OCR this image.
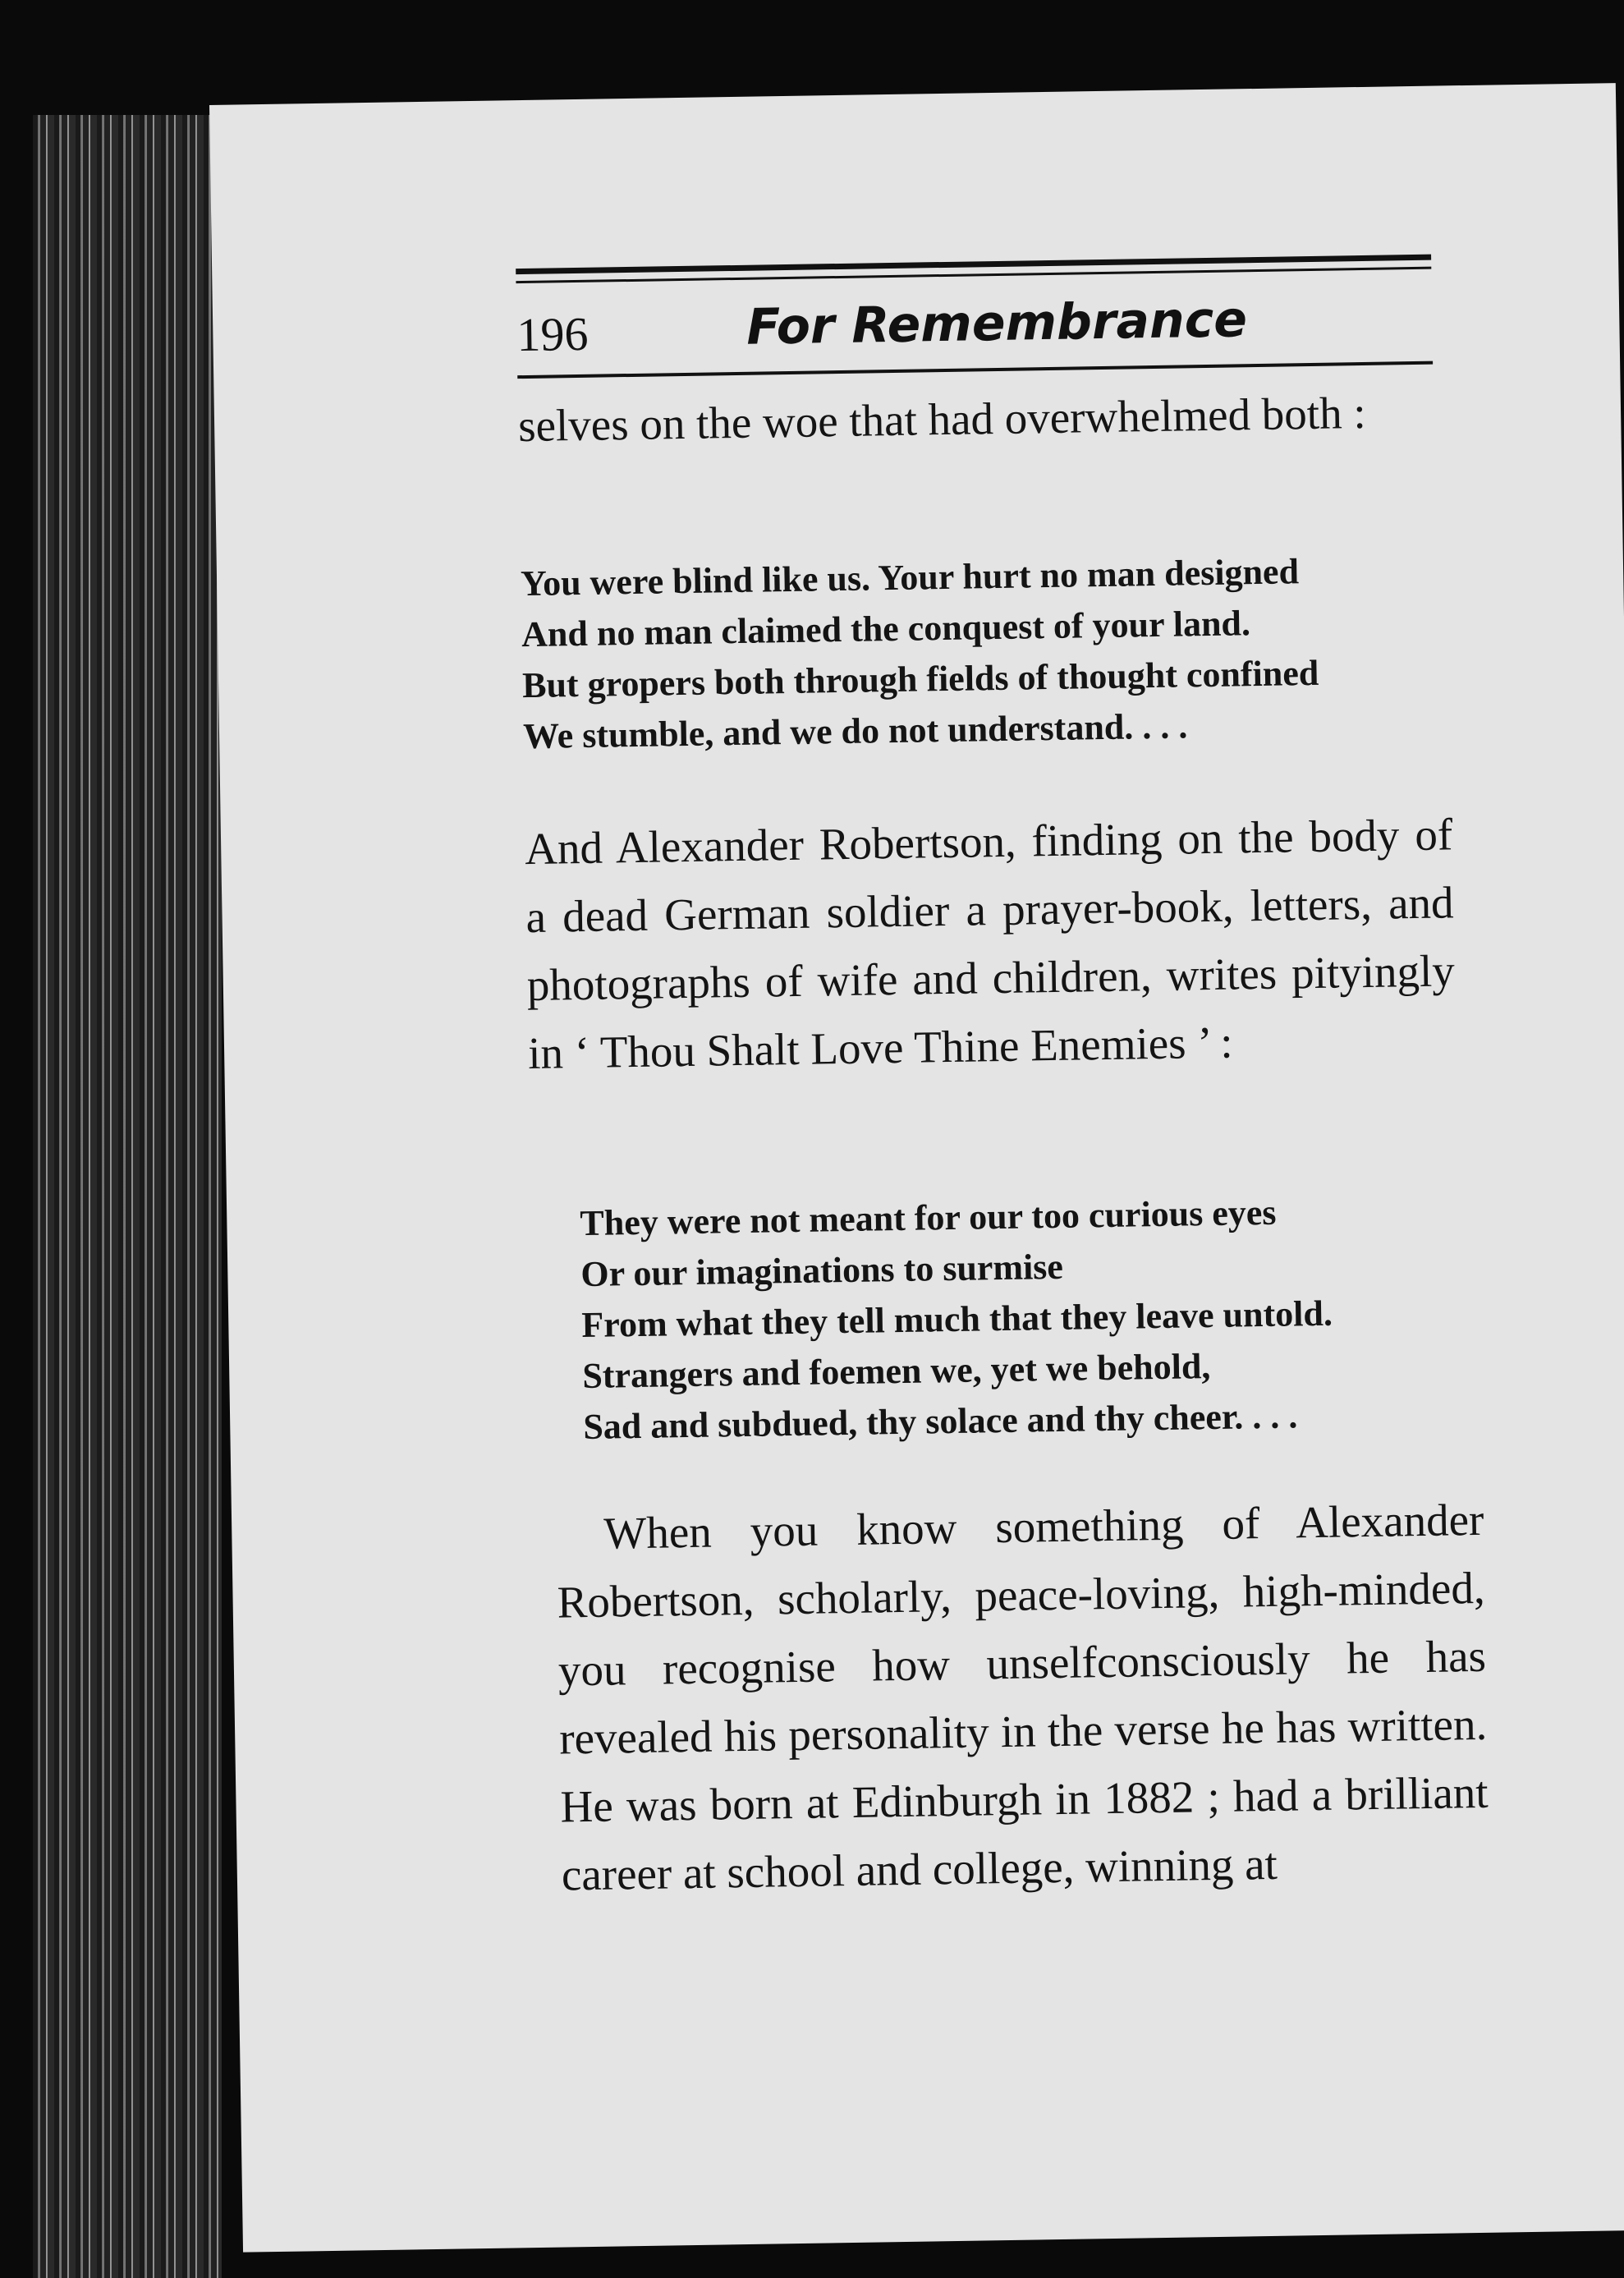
196	For Remembrance

selves on the woe that had overwhelmed both :

You were blind like us. Your hurt no man designed
And no man claimed the conquest of your land.
But gropers both through fields of thought confined
We stumble, and we do not understand. . . .

And Alexander Robertson, finding on the body of a dead German soldier a prayer-book, letters, and photographs of wife and children, writes pityingly in ‘ Thou Shalt Love Thine Enemies ’ :

They were not meant for our too curious eyes
Or our imaginations to surmise
From what they tell much that they leave untold.
Strangers and foemen we, yet we behold,
Sad and subdued, thy solace and thy cheer. . . .

When you know something of Alexander Robertson, scholarly, peace-loving, high-minded, you recognise how unselfconsciously he has revealed his personality in the verse he has written. He was born at Edinburgh in 1882 ; had a brilliant career at school and college, winning at
